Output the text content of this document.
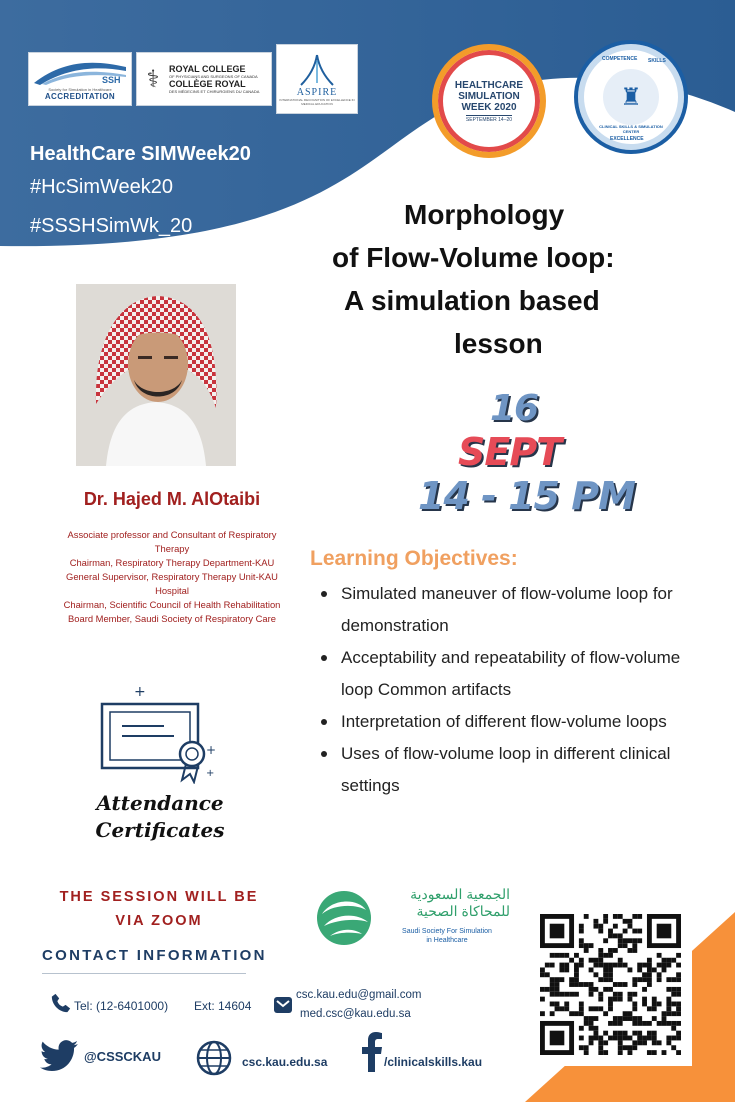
SSH
Society for Simulation in Healthcare
ACCREDITATION
⚕	ROYAL COLLEGE
OF PHYSICIANS AND SURGEONS OF CANADA
COLLÈGE ROYAL
DES MÉDECINS ET CHIRURGIENS DU CANADA	ASPIRE
INTERNATIONAL RECOGNITION OF EXCELLENCE IN MEDICAL EDUCATION
HEALTHCARE
SIMULATION
WEEK 2020
SEPTEMBER 14–20
COMPETENCE SKILLS
♜
CLINICAL SKILLS & SIMULATION CENTER
EXCELLENCE
HealthCare SIMWeek20
#HcSimWeek20
#SSSHSimWk_20	Morphology
of Flow-Volume loop:
A simulation based
lesson
16
SEPT
14 - 15 PM
Dr. Hajed M. AlOtaibi
Associate professor and Consultant of Respiratory Therapy
Chairman, Respiratory Therapy Department-KAU
General Supervisor, Respiratory Therapy Unit-KAU Hospital
Chairman, Scientific Council of Health Rehabilitation
Board Member, Saudi Society of Respiratory Care
Learning Objectives:
Simulated maneuver of flow-volume loop for demonstration
Acceptability and repeatability of flow-volume loop Common artifacts
Interpretation of different flow-volume loops
Uses of flow-volume loop in different clinical settings
+
+
+
Attendance
Certificates
THE SESSION WILL BE
VIA ZOOM
الجمعية السعودية
للمحاكاة الصحية
Saudi Society For Simulation
in Healthcare
CONTACT INFORMATION
Tel: (12-6401000) Ext: 14604
csc.kau.edu@gmail.com
med.csc@kau.edu.sa
@CSSCKAU	csc.kau.edu.sa	/clinicalskills.kau
